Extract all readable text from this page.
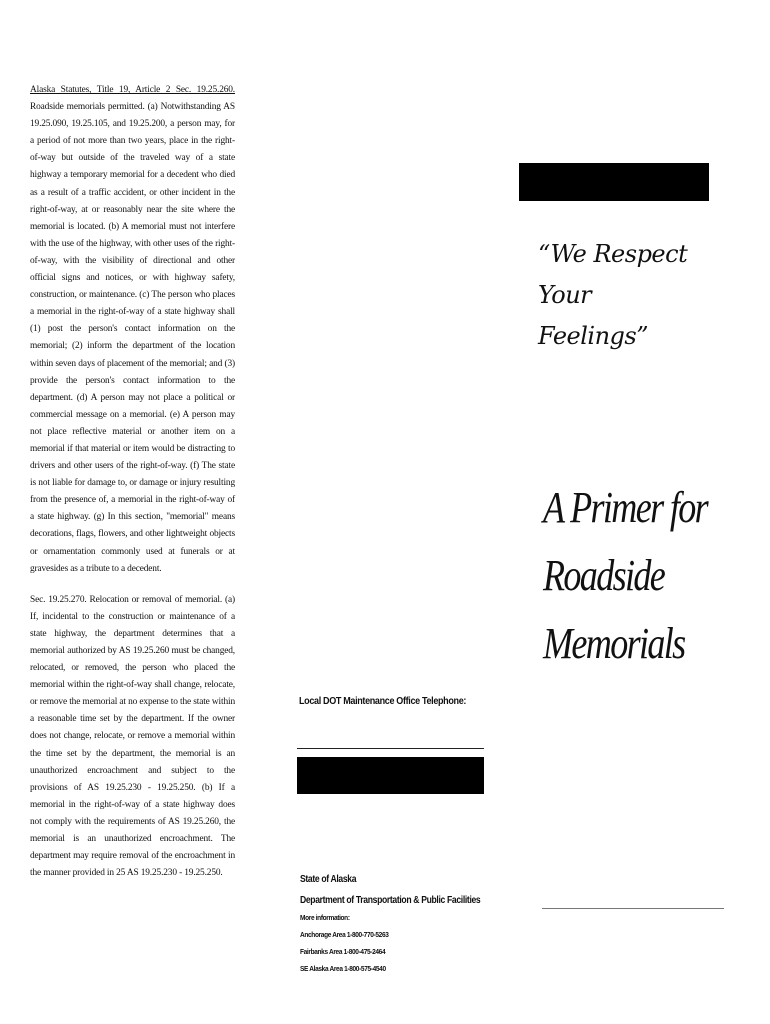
Alaska Statutes, Title 19, Article 2 Sec. 19.25.260. Roadside memorials permitted. (a) Notwithstanding AS 19.25.090, 19.25.105, and 19.25.200, a person may, for a period of not more than two years, place in the right-of-way but outside of the traveled way of a state highway a temporary memorial for a decedent who died as a result of a traffic accident, or other incident in the right-of-way, at or reasonably near the site where the memorial is located. (b) A memorial must not interfere with the use of the highway, with other uses of the right-of-way, with the visibility of directional and other official signs and notices, or with highway safety, construction, or maintenance. (c) The person who places a memorial in the right-of-way of a state highway shall (1) post the person's contact information on the memorial; (2) inform the department of the location within seven days of placement of the memorial; and (3) provide the person's contact information to the department. (d) A person may not place a political or commercial message on a memorial. (e) A person may not place reflective material or another item on a memorial if that material or item would be distracting to drivers and other users of the right-of-way. (f) The state is not liable for damage to, or damage or injury resulting from the presence of, a memorial in the right-of-way of a state highway. (g) In this section, "memorial" means decorations, flags, flowers, and other lightweight objects or ornamentation commonly used at funerals or at gravesides as a tribute to a decedent.

Sec. 19.25.270. Relocation or removal of memorial. (a) If, incidental to the construction or maintenance of a state highway, the department determines that a memorial authorized by AS 19.25.260 must be changed, relocated, or removed, the person who placed the memorial within the right-of-way shall change, relocate, or remove the memorial at no expense to the state within a reasonable time set by the department. If the owner does not change, relocate, or remove a memorial within the time set by the department, the memorial is an unauthorized encroachment and subject to the provisions of AS 19.25.230 - 19.25.250. (b) If a memorial in the right-of-way of a state highway does not comply with the requirements of AS 19.25.260, the memorial is an unauthorized encroachment. The department may require removal of the encroachment in the manner provided in 25 AS 19.25.230 - 19.25.250.

“We Respect Your
Feelings”
A Primer for
Roadside
Memorials
Local DOT Maintenance Office Telephone:
State of Alaska
Department of Transportation & Public Facilities
More information:
Anchorage Area 1-800-770-5263
Fairbanks Area 1-800-475-2464
SE Alaska Area 1-800-575-4540
